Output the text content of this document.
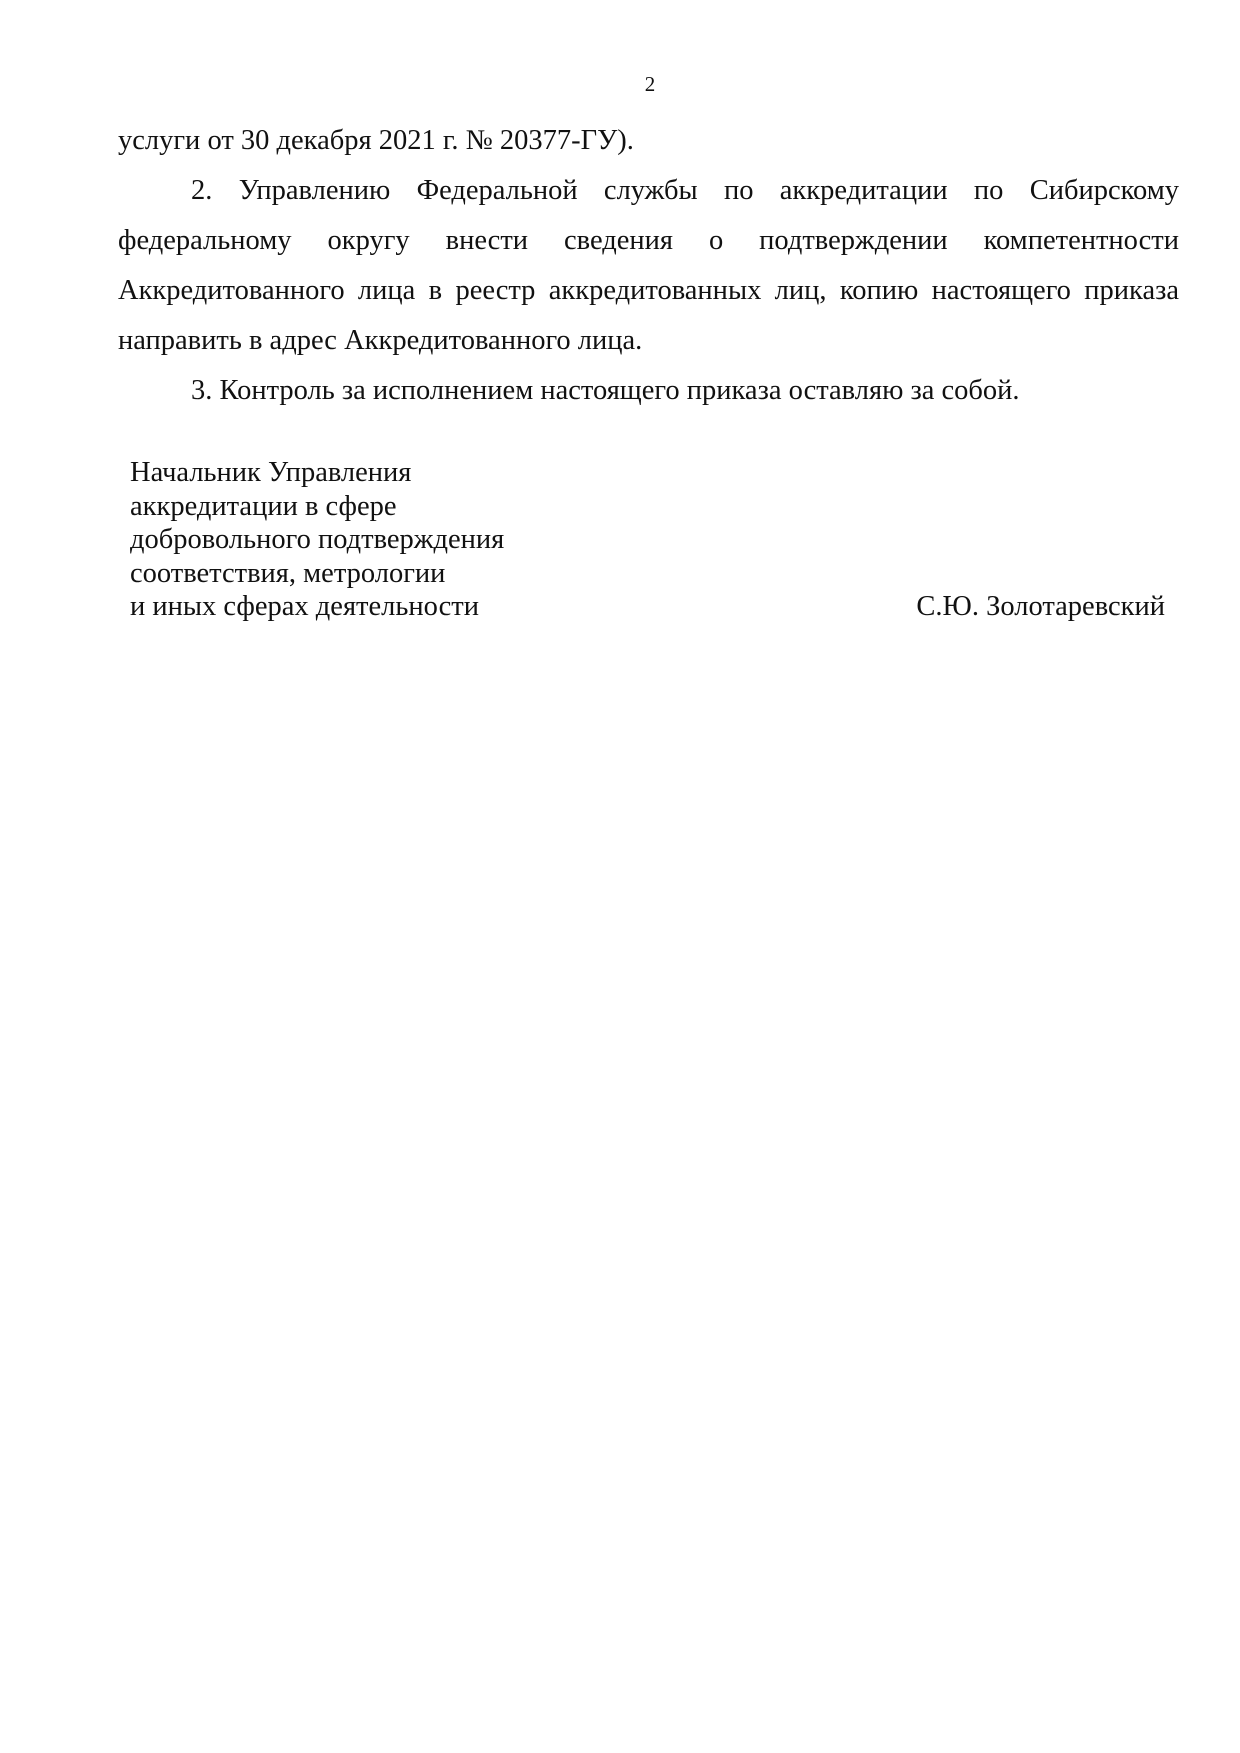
2
услуги от 30 декабря 2021 г. № 20377-ГУ).

2. Управлению Федеральной службы по аккредитации по Сибирскому федеральному округу внести сведения о подтверждении компетентности Аккредитованного лица в реестр аккредитованных лиц, копию настоящего приказа направить в адрес Аккредитованного лица.

3. Контроль за исполнением настоящего приказа оставляю за собой.

Начальник Управления
аккредитации в сфере
добровольного подтверждения
соответствия, метрологии
и иных сферах деятельности	С.Ю. Золотаревский
